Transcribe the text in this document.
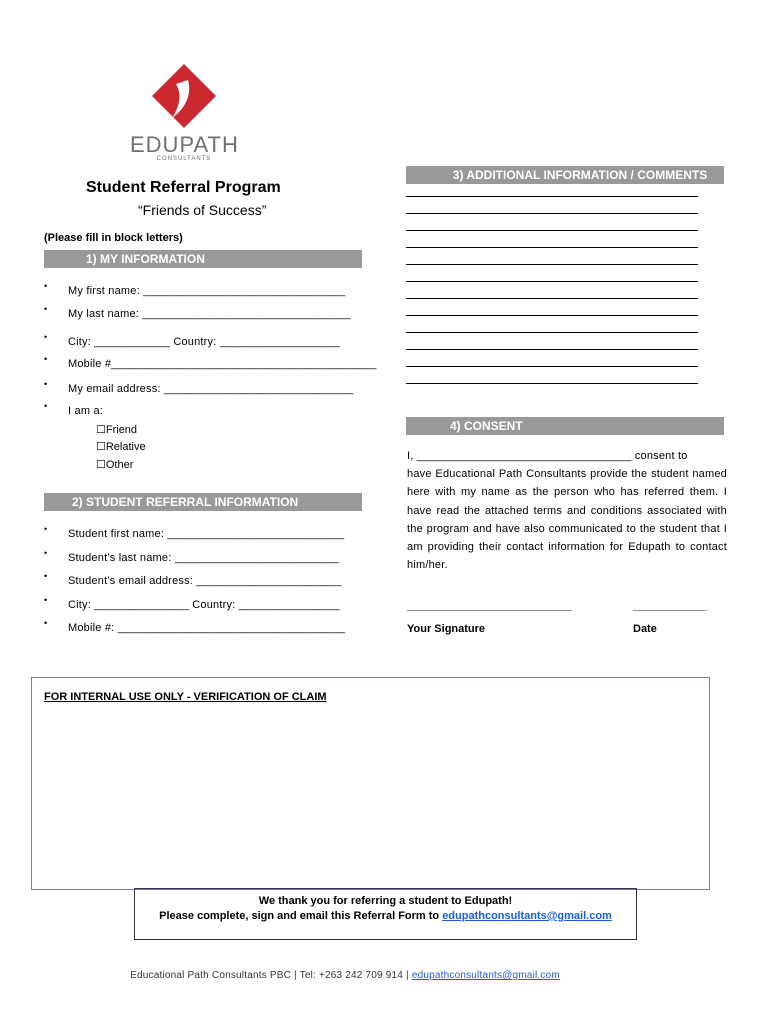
EDUPATH
CONSULTANTS
Student Referral Program
“Friends of Success”
(Please fill in block letters)
1) MY INFORMATION
• My first name: ________________________________
• My last name: _________________________________
• City: ____________ Country: ___________________
• Mobile #__________________________________________
• My email address: ______________________________
• I am a:
☐Friend
☐Relative
☐Other
2) STUDENT REFERRAL INFORMATION
• Student first name: ____________________________
• Student’s last name: __________________________
• Student’s email address: _______________________
• City: _______________ Country: ________________
• Mobile #: ____________________________________
3) ADDITIONAL INFORMATION / COMMENTS
4) CONSENT
I, __________________________________ consent to
have Educational Path Consultants provide the student named here with my name as the person who has referred them. I have read the attached terms and conditions associated with the program and have also communicated to the student that I am providing their contact information for Edupath to contact him/her.
___________________________	____________
Your Signature	Date
FOR INTERNAL USE ONLY - VERIFICATION OF CLAIM
We thank you for referring a student to Edupath!
Please complete, sign and email this Referral Form to edupathconsultants@gmail.com
Educational Path Consultants PBC | Tel: +263 242 709 914 | edupathconsultants@gmail.com
